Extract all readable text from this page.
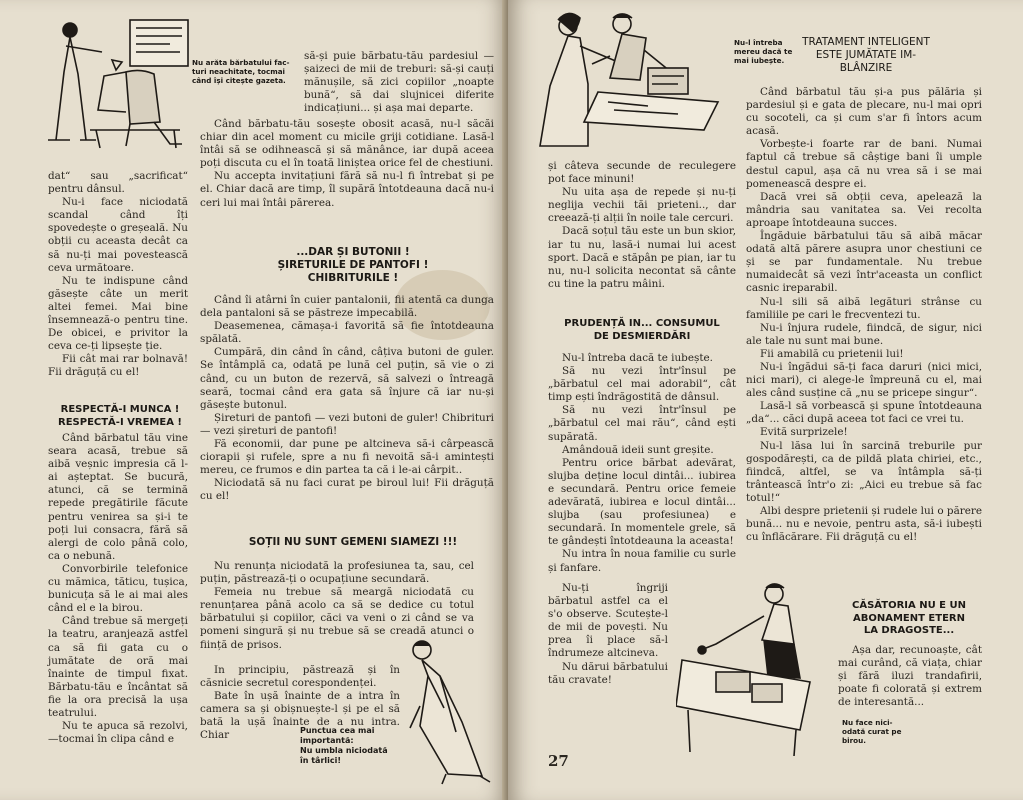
Nu arăta bărbatului fac-
turi neachitate, tocmai
când își citește gazeta.

să-și puie bărbatu-tău pardesiul — șaizeci de mii de treburi: să-și cauți mănușile, să zici copiilor „noapte bună“, să dai slujnicei diferite indicațiuni... și așa mai departe.

Când bărbatu-tău sosește obosit acasă, nu-l săcăi chiar din acel moment cu micile griji cotidiane. Lasă-l întâi să se odihnească și să mănânce, iar după aceea poți discuta cu el în toată liniștea orice fel de chestiuni.

Nu accepta invitațiuni fără să nu-l fi întrebat și pe el. Chiar dacă are timp, îl supără întotdeauna dacă nu-i ceri lui mai întâi părerea.

dat“ sau „sacrificat“ pentru dânsul.

Nu-i face niciodată scandal când îți spovedește o greșeală. Nu obții cu aceasta decât ca să nu-ți mai povestească ceva următoare.

Nu te indispune când găsește câte un merit altei femei. Mai bine însemnează-o pentru tine. De obicei, e privitor la ceva ce-ți lipsește ție.

Fii cât mai rar bolnavă! Fii drăguță cu el!

RESPECTĂ-I MUNCA !
RESPECTĂ-I VREMEA !

Când bărbatul tău vine seara acasă, trebue să aibă veșnic impresia că l-ai așteptat. Se bucură, atunci, că se termină repede pregătirile făcute pentru venirea sa și-i te poți lui consacra, fără să alergi de colo până colo, ca o nebună.

Convorbirile telefonice cu mămica, tăticu, tușica, bunicuța să le ai mai ales când el e la birou.

Când trebue să mergeți la teatru, aranjează astfel ca să fii gata cu o jumătate de oră mai înainte de timpul fixat. Bărbatu-tău e încântat să fie la ora precisă la ușa teatrului.

Nu te apuca să rezolvi, —tocmai în clipa când e

...DAR ȘI BUTONII !
ȘIRETURILE DE PANTOFI !
CHIBRITURILE !

Când îi atârni în cuier pantalonii, fii atentă ca dunga dela pantaloni să se păstreze impecabilă.

Deasemenea, cămașa-i favorită să fie întotdeauna spălată.

Cumpără, din când în când, câțiva butoni de guler. Se întâmplă ca, odată pe lună cel puțin, să vie o zi când, cu un buton de rezervă, să salvezi o întreagă seară, tocmai când era gata să înjure că iar nu-și găsește butonul.

Șireturi de pantofi — vezi butoni de guler! Chibrituri — vezi șireturi de pantofi!

Fă economii, dar pune pe altcineva să-i cârpească ciorapii și rufele, spre a nu fi nevoită să-i amintești mereu, ce frumos e din partea ta că i le-ai cârpit..

Niciodată să nu faci curat pe biroul lui! Fii drăguță cu el!

SOȚII NU SUNT GEMENI SIAMEZI !!!

Nu renunța niciodată la profesiunea ta, sau, cel puțin, păstrează-ți o ocupațiune secundară.

Femeia nu trebue să meargă niciodată cu renunțarea până acolo ca să se dedice cu totul bărbatului și copiilor, căci va veni o zi când se va pomeni singură și nu trebue să se creadă atunci o ființă de prisos.

In principiu, păstrează și în căsnicie secretul corespondenței.

Bate în ușă înainte de a intra în camera sa și obișnuește-l și pe el să bată la ușă înainte de a nu intra. Chiar	Punctua cea mai
importantă:
Nu umbla niciodată
în târlici!
Nu-l întreba
mereu dacă te
mai iubește.

și câteva secunde de reculegere pot face minuni!

Nu uita așa de repede și nu-ți neglija vechii tăi prieteni.., dar creează-ți alții în noile tale cercuri.

Dacă soțul tău este un bun skior, iar tu nu, lasă-i numai lui acest sport. Dacă e stăpân pe pian, iar tu nu, nu-l solicita necontat să cânte cu tine la patru mâini.

PRUDENȚĂ IN... CONSUMUL
DE DESMIERDĂRI

Nu-l întreba dacă te iubește.

Să nu vezi într'însul pe „bărbatul cel mai adorabil“, cât timp ești îndrăgostită de dânsul.

Să nu vezi într'însul pe „bărbatul cel mai rău“, când ești supărată.

Amândouă ideii sunt greșite.

Pentru orice bărbat adevărat, slujba deține locul dintâi... iubirea e secundară. Pentru orice femeie adevărată, iubirea e locul dintâi... slujba (sau profesiunea) e secundară. In momentele grele, să te gândești întotdeauna la aceasta!

Nu intra în noua familie cu surle și fanfare.

Nu-ți îngriji bărbatul astfel ca el s'o observe. Scutește-l de mii de povești. Nu prea îi place să-l îndrumeze altcineva.

Nu dărui bărbatului tău cravate!

Nu face nici-
odată curat pe
birou.
27
TRATAMENT INTELIGENT
ESTE JUMĂTATE IM-
BLÂNZIRE

Când bărbatul tău și-a pus pălăria și pardesiul și e gata de plecare, nu-l mai opri cu socoteli, ca și cum s'ar fi întors acum acasă.

Vorbește-i foarte rar de bani. Numai faptul că trebue să câștige bani îi umple destul capul, așa că nu vrea să i se mai pomenească despre ei.

Dacă vrei să obții ceva, apelează la mândria sau vanitatea sa. Vei recolta aproape întotdeauna succes.

Îngăduie bărbatului tău să aibă măcar odată altă părere asupra unor chestiuni ce și se par fundamentale. Nu trebue numaidecât să vezi într'aceasta un conflict casnic ireparabil.

Nu-l sili să aibă legături strânse cu familiile pe cari le frecventezi tu.

Nu-i înjura rudele, fiindcă, de sigur, nici ale tale nu sunt mai bune.

Fii amabilă cu prietenii lui!

Nu-i îngădui să-ți faca daruri (nici mici, nici mari), ci alege-le împreună cu el, mai ales când susține că „nu se pricepe singur“.

Lasă-l să vorbească și spune întotdeauna „da“... căci după aceea tot faci ce vrei tu.

Evită surprizele!

Nu-l lăsa lui în sarcină treburile pur gospodărești, ca de pildă plata chiriei, etc., fiindcă, altfel, se va întâmpla să-ți trântească într'o zi: „Aici eu trebue să fac totul!“

Albi despre prietenii și rudele lui o părere bună... nu e nevoie, pentru asta, să-i iubești cu înflăcărare. Fii drăguță cu el!

CĂSĂTORIA NU E UN
ABONAMENT ETERN
LA DRAGOSTE...

Așa dar, recunoaște, cât mai curând, că viața, chiar și fără iluzi trandafirii, poate fi colorată și extrem de interesantă...
